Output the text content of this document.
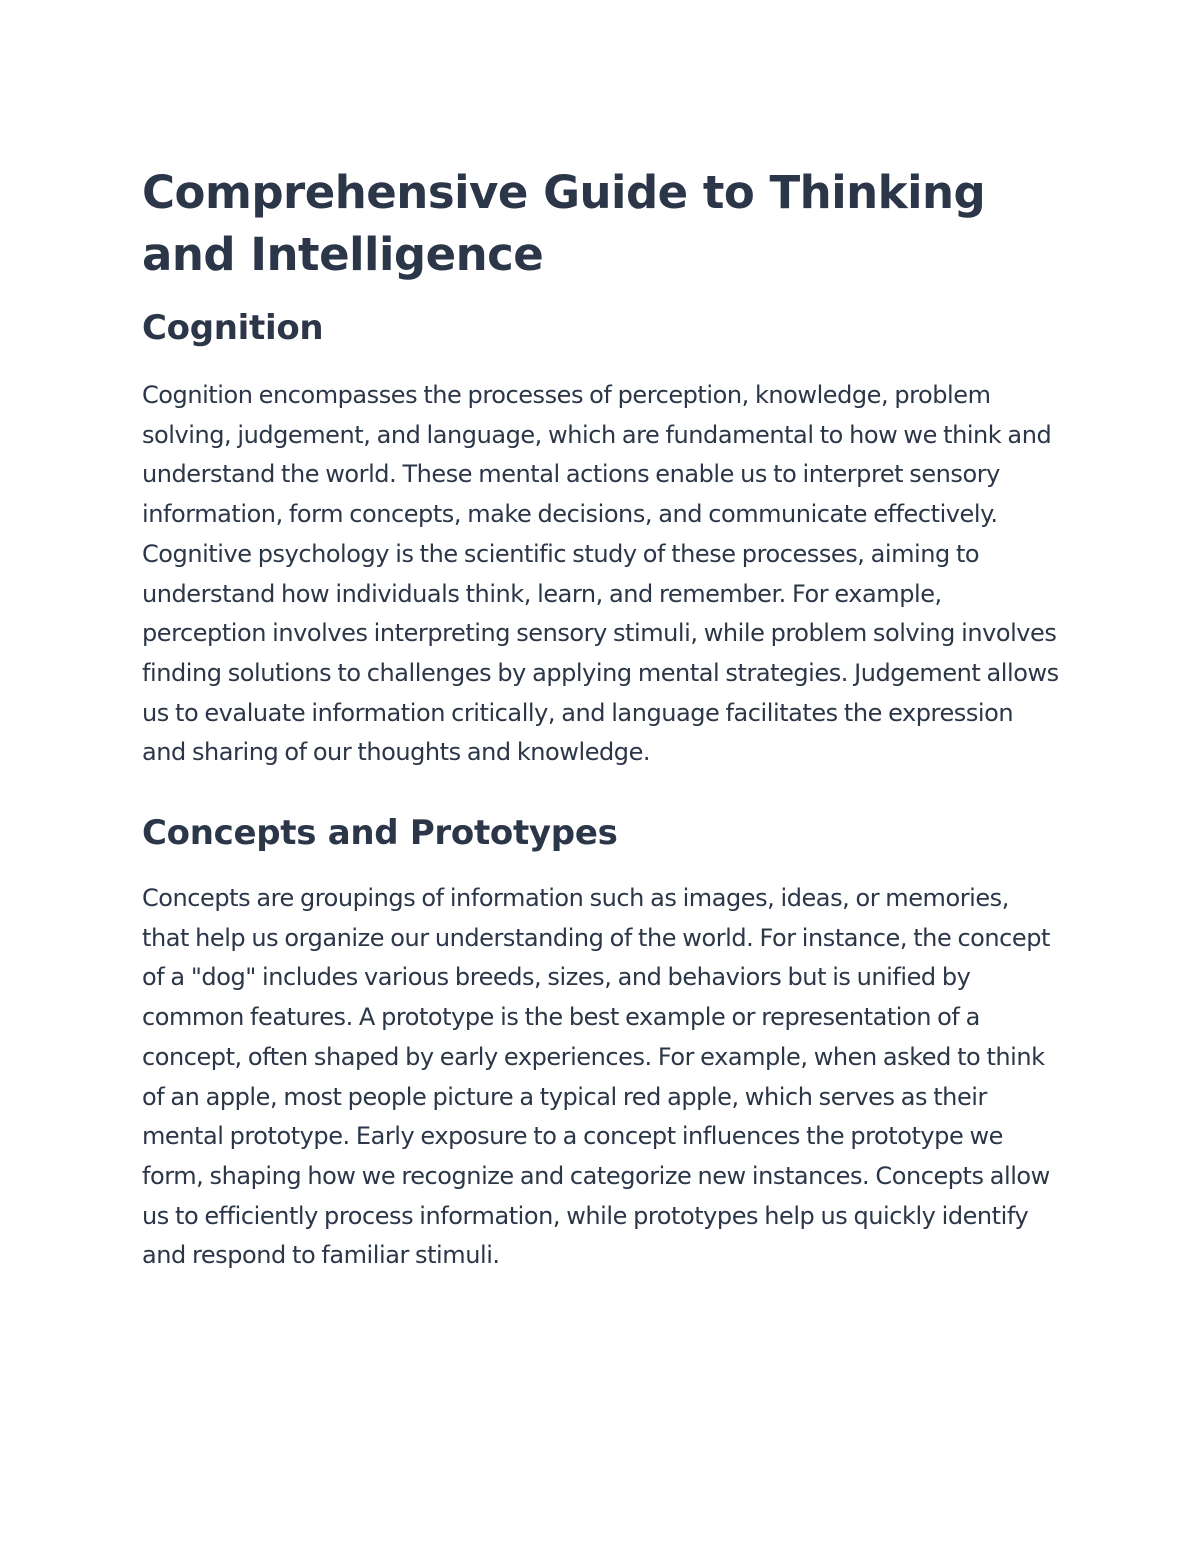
Comprehensive Guide to Thinking and Intelligence
Cognition

Cognition encompasses the processes of perception, knowledge, problem solving, judgement, and language, which are fundamental to how we think and understand the world. These mental actions enable us to interpret sensory information, form concepts, make decisions, and communicate effectively. Cognitive psychology is the scientific study of these processes, aiming to understand how individuals think, learn, and remember. For example, perception involves interpreting sensory stimuli, while problem solving involves finding solutions to challenges by applying mental strategies. Judgement allows us to evaluate information critically, and language facilitates the expression and sharing of our thoughts and knowledge.

Concepts and Prototypes

Concepts are groupings of information such as images, ideas, or memories, that help us organize our understanding of the world. For instance, the concept of a "dog" includes various breeds, sizes, and behaviors but is unified by common features. A prototype is the best example or representation of a concept, often shaped by early experiences. For example, when asked to think of an apple, most people picture a typical red apple, which serves as their mental prototype. Early exposure to a concept influences the prototype we form, shaping how we recognize and categorize new instances. Concepts allow us to efficiently process information, while prototypes help us quickly identify and respond to familiar stimuli.
